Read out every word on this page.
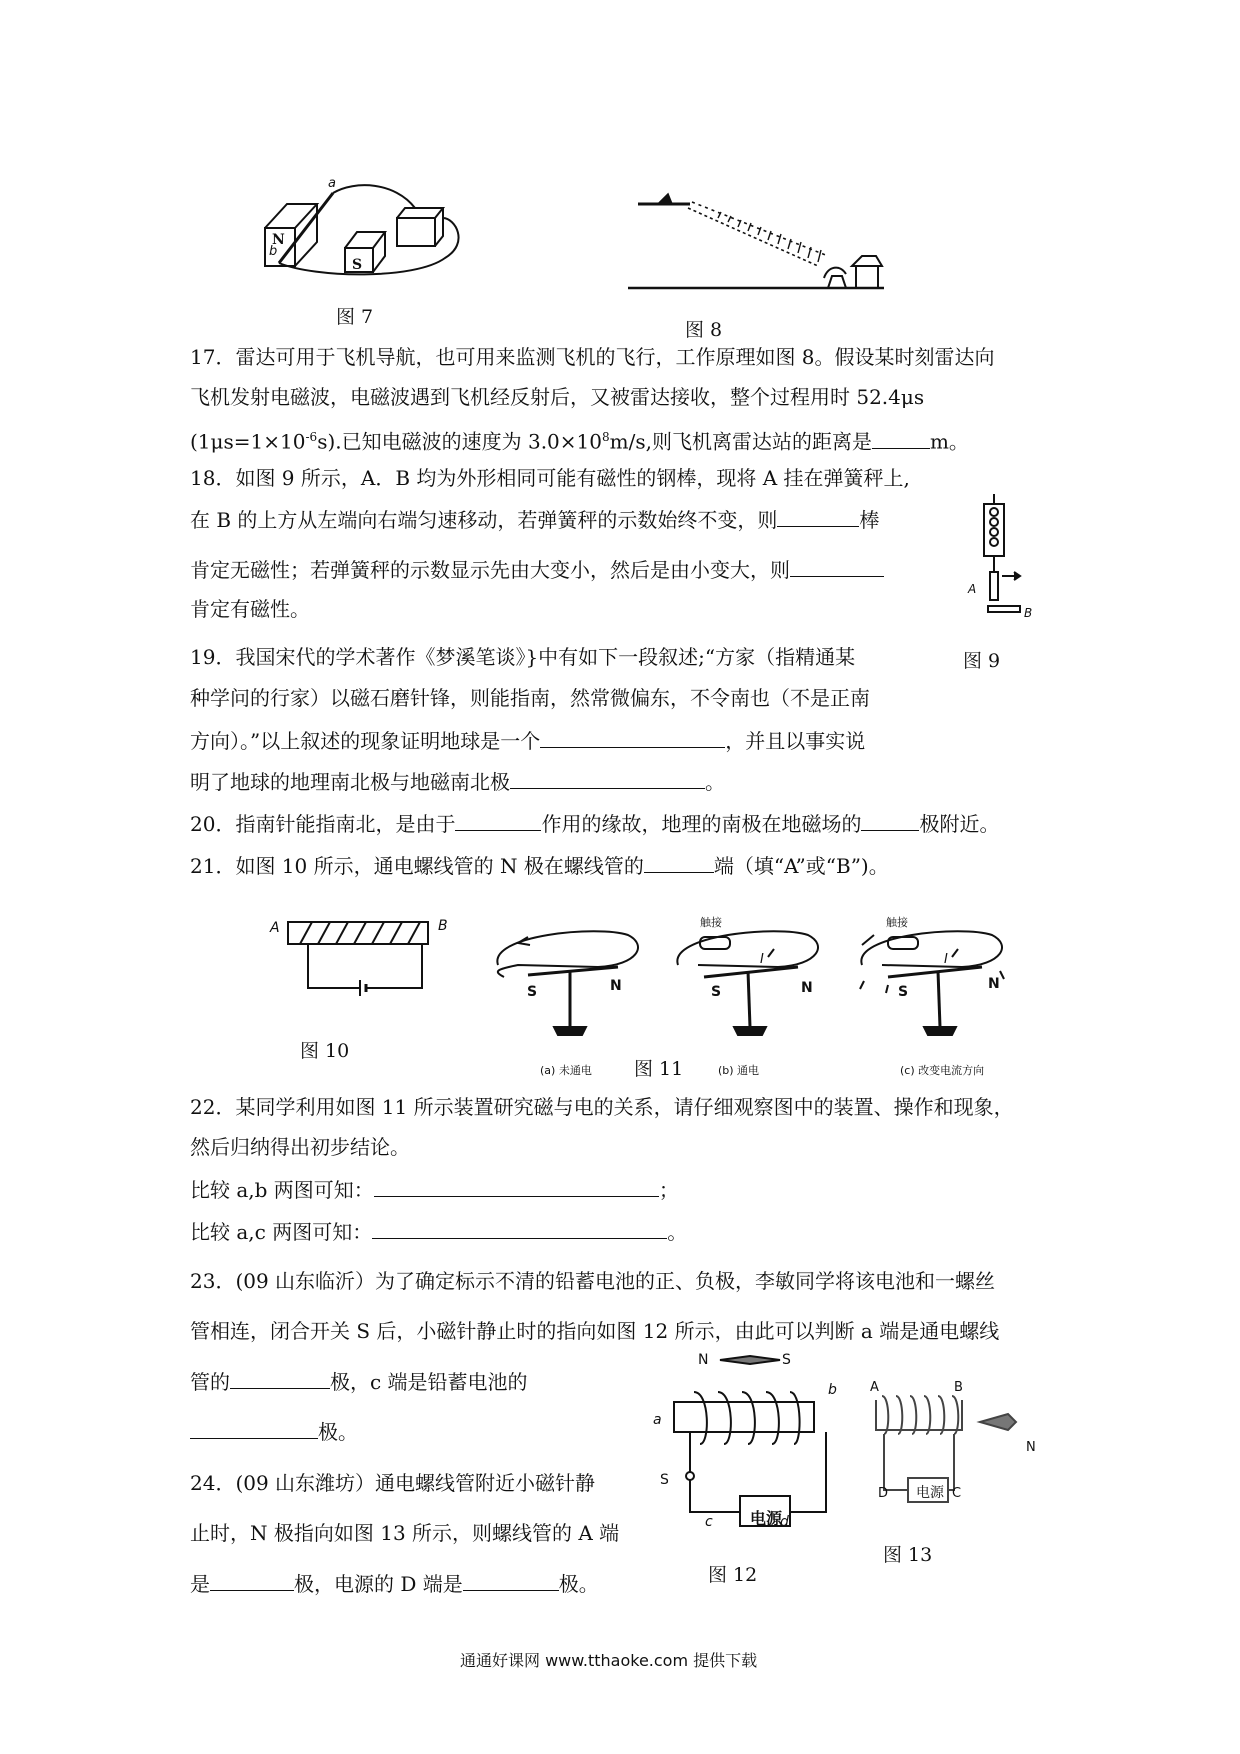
a
b
N
S
图 7
图 8
17．雷达可用于飞机导航，也可用来监测飞机的飞行，工作原理如图 8。假设某时刻雷达向
飞机发射电磁波，电磁波遇到飞机经反射后，又被雷达接收，整个过程用时 52.4μs
$(1\mu s=1\times 10^{-6}s)$.已知电磁波的速度为 $3.0\times 10^8m/s$,则飞机离雷达站的距离是	m。
18．如图 9 所示，A．B 均为外形相同可能有磁性的钢棒，现将 A 挂在弹簧秤上,
在 B 的上方从左端向右端匀速移动，若弹簧秤的示数始终不变，则	棒
肯定无磁性；若弹簧秤的示数显示先由大变小，然后是由小变大，则
肯定有磁性。
A
B
图 9
19．我国宋代的学术著作《梦溪笔谈》}中有如下一段叙述;“方家（指精通某
种学问的行家）以磁石磨针锋，则能指南，然常微偏东，不令南也（不是正南
方向）。”以上叙述的现象证明地球是一个	，并且以事实说
明了地球的地理南北极与地磁南北极	。
20．指南针能指南北，是由于	作用的缘故，地理的南极在地磁场的	极附近。
21．如图 10 所示，通电螺线管的 N 极在螺线管的	端（填“A”或“B”)。
A	B
图 10
触接	触接
S	N	S	N
I
S	N
I
(a) 未通电 图 11	(b) 通电	(c) 改变电流方向
22．某同学利用如图 11 所示装置研究磁与电的关系，请仔细观察图中的装置、操作和现象，
然后归纳得出初步结论。
比较 a,b 两图可知：	；
比较 a,c 两图可知：	。
23．(09 山东临沂）为了确定标示不清的铅蓄电池的正、负极，李敏同学将该电池和一螺丝
管相连，闭合开关 S 后，小磁针静止时的指向如图 12 所示，由此可以判断 a 端是通电螺线
管的	极，c 端是铅蓄电池的
极。
24．(09 山东潍坊）通电螺线管附近小磁针静
止时，N 极指向如图 13 所示，则螺线管的 A 端
是	极，电源的 D 端是	极。
N	S
a
b
S
c	d
电源
图 12
A	B
D	C
N
电源
图 13
通通好课网 www.tthaoke.com 提供下载
